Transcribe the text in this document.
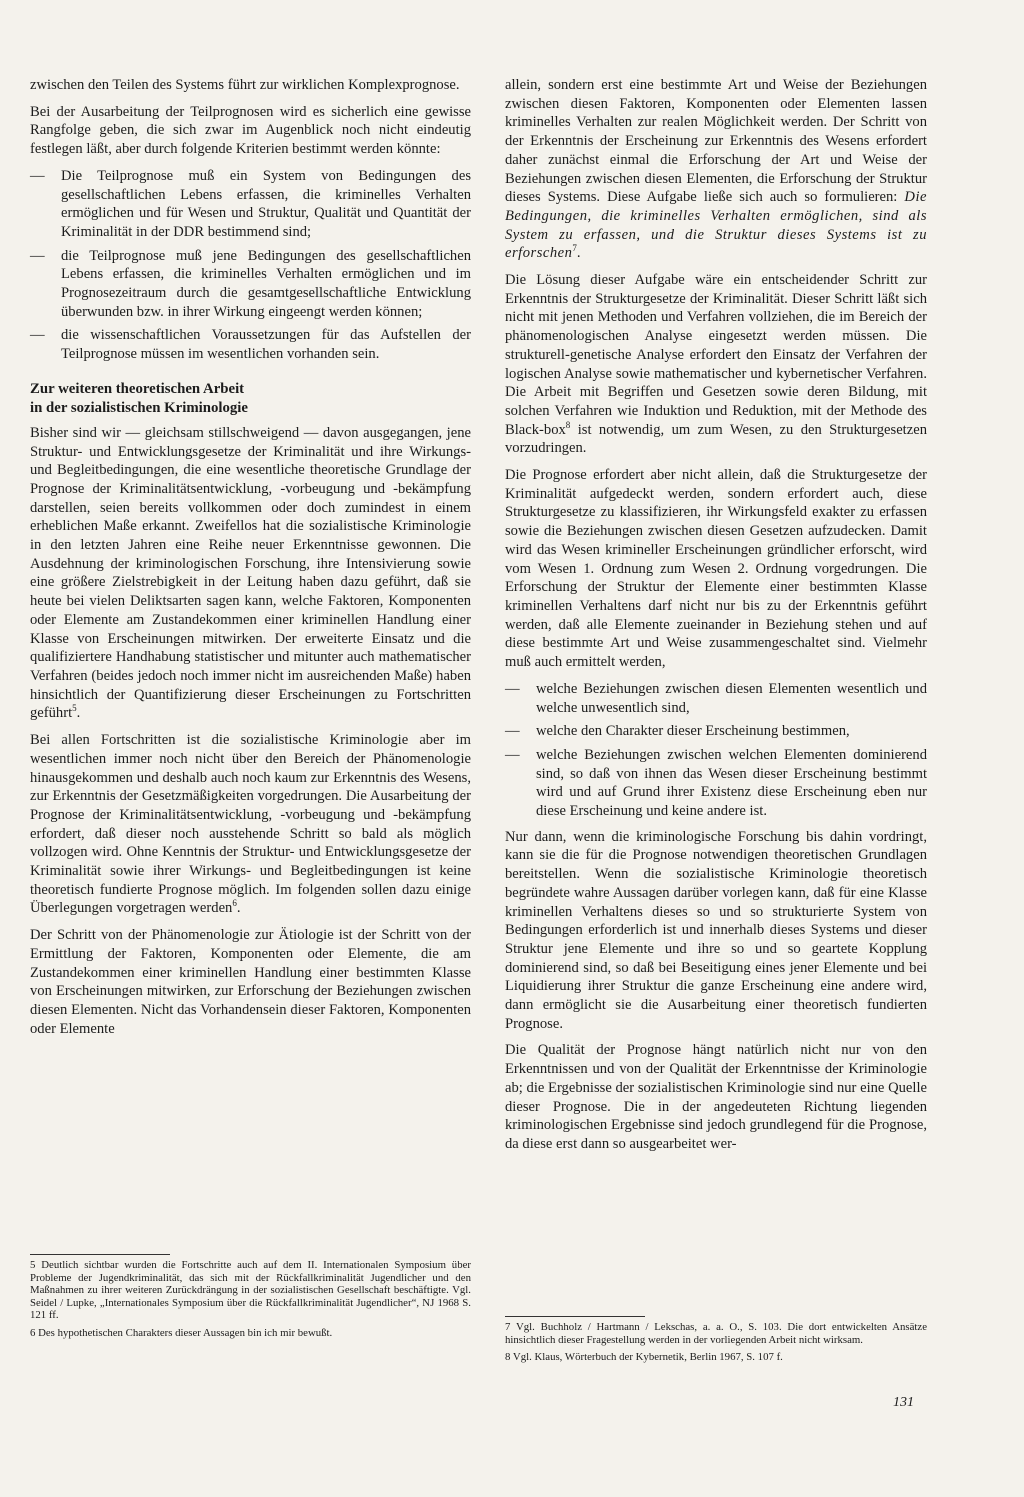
zwischen den Teilen des Systems führt zur wirklichen Komplexprognose.

Bei der Ausarbeitung der Teilprognosen wird es sicherlich eine gewisse Rangfolge geben, die sich zwar im Augenblick noch nicht eindeutig festlegen läßt, aber durch folgende Kriterien bestimmt werden könnte:

— Die Teilprognose muß ein System von Bedingungen des gesellschaftlichen Lebens erfassen, die kriminelles Verhalten ermöglichen und für Wesen und Struktur, Qualität und Quantität der Kriminalität in der DDR bestimmend sind;
— die Teilprognose muß jene Bedingungen des gesellschaftlichen Lebens erfassen, die kriminelles Verhalten ermöglichen und im Prognosezeitraum durch die gesamtgesellschaftliche Entwicklung überwunden bzw. in ihrer Wirkung eingeengt werden können;
— die wissenschaftlichen Voraussetzungen für das Aufstellen der Teilprognose müssen im wesentlichen vorhanden sein.
Zur weiteren theoretischen Arbeit
in der sozialistischen Kriminologie

Bisher sind wir — gleichsam stillschweigend — davon ausgegangen, jene Struktur- und Entwicklungsgesetze der Kriminalität und ihre Wirkungs- und Begleitbedingungen, die eine wesentliche theoretische Grundlage der Prognose der Kriminalitätsentwicklung, -vorbeugung und -bekämpfung darstellen, seien bereits vollkommen oder doch zumindest in einem erheblichen Maße erkannt. Zweifellos hat die sozialistische Kriminologie in den letzten Jahren eine Reihe neuer Erkenntnisse gewonnen. Die Ausdehnung der kriminologischen Forschung, ihre Intensivierung sowie eine größere Zielstrebigkeit in der Leitung haben dazu geführt, daß sie heute bei vielen Deliktsarten sagen kann, welche Faktoren, Komponenten oder Elemente am Zustandekommen einer kriminellen Handlung einer Klasse von Erscheinungen mitwirken. Der erweiterte Einsatz und die qualifiziertere Handhabung statistischer und mitunter auch mathematischer Verfahren (beides jedoch noch immer nicht im ausreichenden Maße) haben hinsichtlich der Quantifizierung dieser Erscheinungen zu Fortschritten geführt$^5$.

Bei allen Fortschritten ist die sozialistische Kriminologie aber im wesentlichen immer noch nicht über den Bereich der Phänomenologie hinausgekommen und deshalb auch noch kaum zur Erkenntnis des Wesens, zur Erkenntnis der Gesetzmäßigkeiten vorgedrungen. Die Ausarbeitung der Prognose der Kriminalitätsentwicklung, -vorbeugung und -bekämpfung erfordert, daß dieser noch ausstehende Schritt so bald als möglich vollzogen wird. Ohne Kenntnis der Struktur- und Entwicklungsgesetze der Kriminalität sowie ihrer Wirkungs- und Begleitbedingungen ist keine theoretisch fundierte Prognose möglich. Im folgenden sollen dazu einige Überlegungen vorgetragen werden$^6$.

Der Schritt von der Phänomenologie zur Ätiologie ist der Schritt von der Ermittlung der Faktoren, Komponenten oder Elemente, die am Zustandekommen einer kriminellen Handlung einer bestimmten Klasse von Erscheinungen mitwirken, zur Erforschung der Beziehungen zwischen diesen Elementen. Nicht das Vorhandensein dieser Faktoren, Komponenten oder Elemente

5 Deutlich sichtbar wurden die Fortschritte auch auf dem II. Internationalen Symposium über Probleme der Jugendkriminalität, das sich mit der Rückfallkriminalität Jugendlicher und den Maßnahmen zu ihrer weiteren Zurückdrängung in der sozialistischen Gesellschaft beschäftigte. Vgl. Seidel / Lupke, „Internationales Symposium über die Rückfallkriminalität Jugendlicher“, NJ 1968 S. 121 ff.

6 Des hypothetischen Charakters dieser Aussagen bin ich mir bewußt.

allein, sondern erst eine bestimmte Art und Weise der Beziehungen zwischen diesen Faktoren, Komponenten oder Elementen lassen kriminelles Verhalten zur realen Möglichkeit werden. Der Schritt von der Erkenntnis der Erscheinung zur Erkenntnis des Wesens erfordert daher zunächst einmal die Erforschung der Art und Weise der Beziehungen zwischen diesen Elementen, die Erforschung der Struktur dieses Systems. Diese Aufgabe ließe sich auch so formulieren: Die Bedingungen, die kriminelles Verhalten ermöglichen, sind als System zu erfassen, und die Struktur dieses Systems ist zu erforschen$^7$.

Die Lösung dieser Aufgabe wäre ein entscheidender Schritt zur Erkenntnis der Strukturgesetze der Kriminalität. Dieser Schritt läßt sich nicht mit jenen Methoden und Verfahren vollziehen, die im Bereich der phänomenologischen Analyse eingesetzt werden müssen. Die strukturell-genetische Analyse erfordert den Einsatz der Verfahren der logischen Analyse sowie mathematischer und kybernetischer Verfahren. Die Arbeit mit Begriffen und Gesetzen sowie deren Bildung, mit solchen Verfahren wie Induktion und Reduktion, mit der Methode des Black-box$^8$ ist notwendig, um zum Wesen, zu den Strukturgesetzen vorzudringen.

Die Prognose erfordert aber nicht allein, daß die Strukturgesetze der Kriminalität aufgedeckt werden, sondern erfordert auch, diese Strukturgesetze zu klassifizieren, ihr Wirkungsfeld exakter zu erfassen sowie die Beziehungen zwischen diesen Gesetzen aufzudecken. Damit wird das Wesen krimineller Erscheinungen gründlicher erforscht, wird vom Wesen 1. Ordnung zum Wesen 2. Ordnung vorgedrungen. Die Erforschung der Struktur der Elemente einer bestimmten Klasse kriminellen Verhaltens darf nicht nur bis zu der Erkenntnis geführt werden, daß alle Elemente zueinander in Beziehung stehen und auf diese bestimmte Art und Weise zusammengeschaltet sind. Vielmehr muß auch ermittelt werden,

— welche Beziehungen zwischen diesen Elementen wesentlich und welche unwesentlich sind,
— welche den Charakter dieser Erscheinung bestimmen,
— welche Beziehungen zwischen welchen Elementen dominierend sind, so daß von ihnen das Wesen dieser Erscheinung bestimmt wird und auf Grund ihrer Existenz diese Erscheinung eben nur diese Erscheinung und keine andere ist.

Nur dann, wenn die kriminologische Forschung bis dahin vordringt, kann sie die für die Prognose notwendigen theoretischen Grundlagen bereitstellen. Wenn die sozialistische Kriminologie theoretisch begründete wahre Aussagen darüber vorlegen kann, daß für eine Klasse kriminellen Verhaltens dieses so und so strukturierte System von Bedingungen erforderlich ist und innerhalb dieses Systems und dieser Struktur jene Elemente und ihre so und so geartete Kopplung dominierend sind, so daß bei Beseitigung eines jener Elemente und bei Liquidierung ihrer Struktur die ganze Erscheinung eine andere wird, dann ermöglicht sie die Ausarbeitung einer theoretisch fundierten Prognose.

Die Qualität der Prognose hängt natürlich nicht nur von den Erkenntnissen und von der Qualität der Erkenntnisse der Kriminologie ab; die Ergebnisse der sozialistischen Kriminologie sind nur eine Quelle dieser Prognose. Die in der angedeuteten Richtung liegenden kriminologischen Ergebnisse sind jedoch grundlegend für die Prognose, da diese erst dann so ausgearbeitet wer-

7 Vgl. Buchholz / Hartmann / Lekschas, a. a. O., S. 103. Die dort entwickelten Ansätze hinsichtlich dieser Fragestellung werden in der vorliegenden Arbeit nicht wirksam.

8 Vgl. Klaus, Wörterbuch der Kybernetik, Berlin 1967, S. 107 f.

131
